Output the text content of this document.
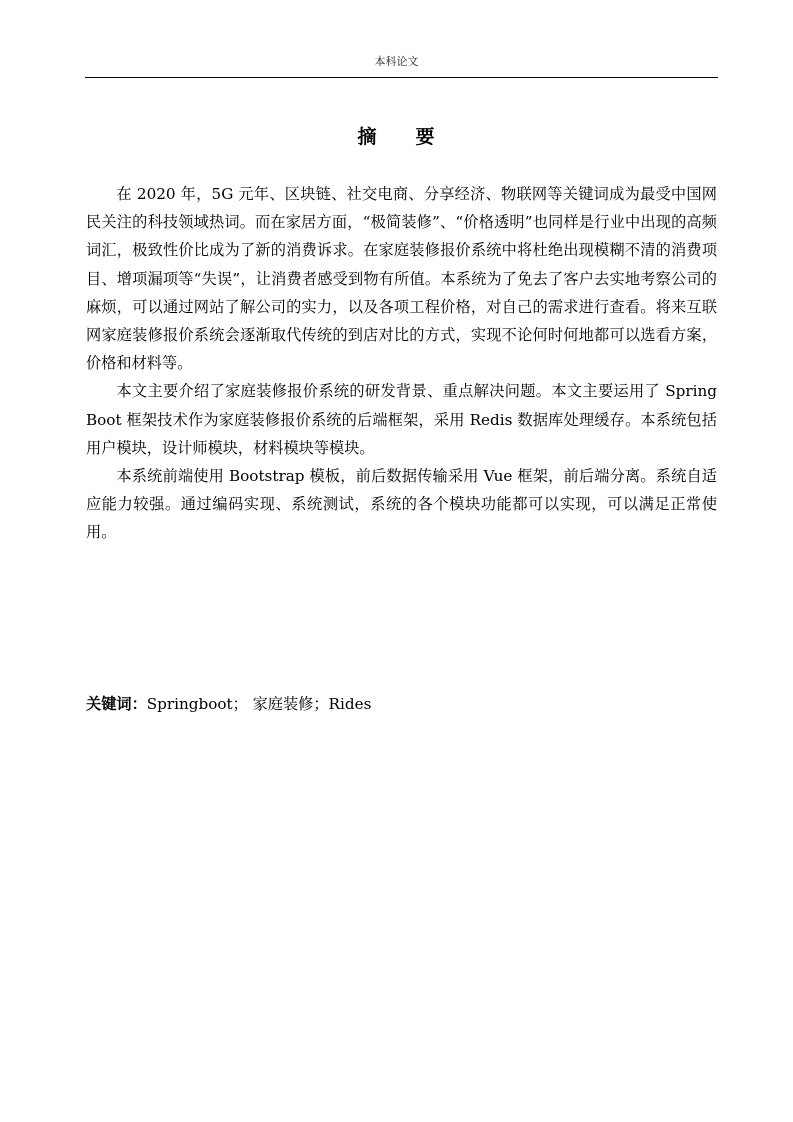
本科论文
摘 要

在 2020 年，5G 元年、区块链、社交电商、分享经济、物联网等关键词成为最受中国网民关注的科技领域热词。而在家居方面，“极简装修”、“价格透明”也同样是行业中出现的高频词汇，极致性价比成为了新的消费诉求。在家庭装修报价系统中将杜绝出现模糊不清的消费项目、增项漏项等“失误”，让消费者感受到物有所值。本系统为了免去了客户去实地考察公司的麻烦，可以通过网站了解公司的实力，以及各项工程价格，对自己的需求进行查看。将来互联网家庭装修报价系统会逐渐取代传统的到店对比的方式，实现不论何时何地都可以选看方案，价格和材料等。

本文主要介绍了家庭装修报价系统的研发背景、重点解决问题。本文主要运用了 Spring Boot 框架技术作为家庭装修报价系统的后端框架，采用 Redis 数据库处理缓存。本系统包括用户模块，设计师模块，材料模块等模块。

本系统前端使用 Bootstrap 模板，前后数据传输采用 Vue 框架，前后端分离。系统自适应能力较强。通过编码实现、系统测试，系统的各个模块功能都可以实现，可以满足正常使用。

关键词：Springboot； 家庭装修；Rides
